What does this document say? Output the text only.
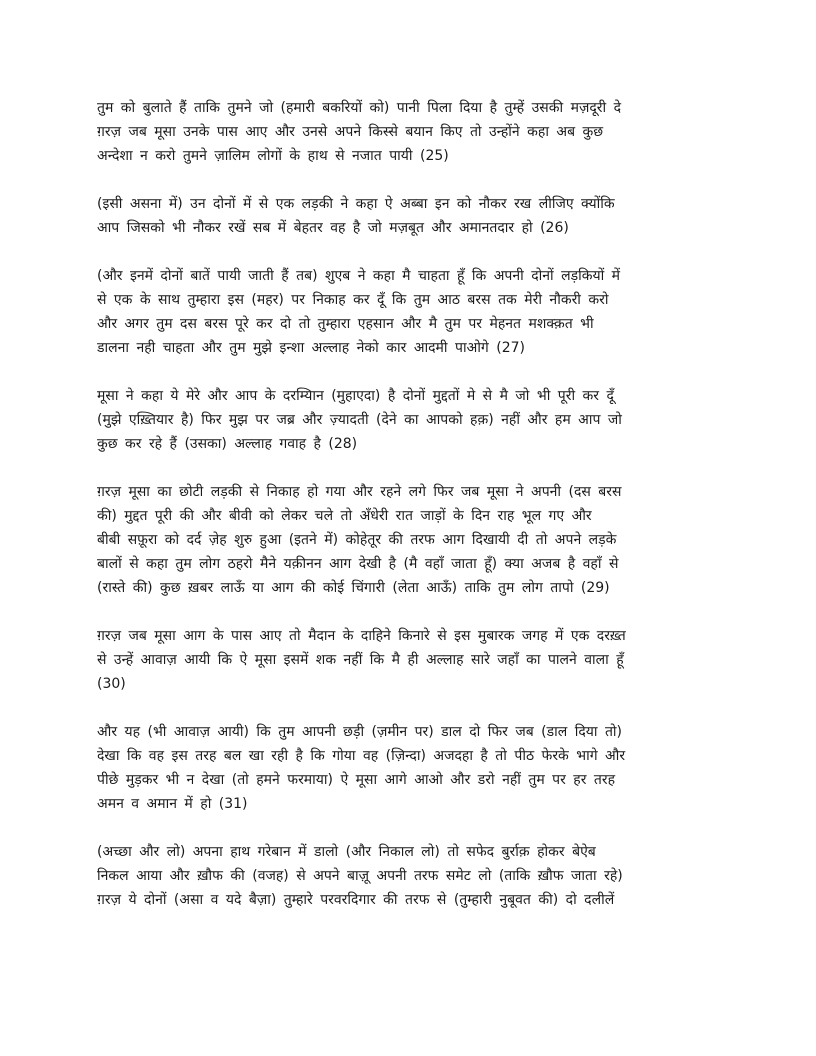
तुम को बुलाते हैं ताकि तुमने जो (हमारी बकरियों को) पानी पिला दिया है तुम्हें उसकी मज़दूरी दे
ग़रज़ जब मूसा उनके पास आए और उनसे अपने किस्से बयान किए तो उन्होंने कहा अब कुछ
अन्देशा न करो तुमने ज़ालिम लोगों के हाथ से नजात पायी (25)

(इसी असना में) उन दोनों में से एक लड़की ने कहा ऐ अब्बा इन को नौकर रख लीजिए क्योंकि
आप जिसको भी नौकर रखें सब में बेहतर वह है जो मज़बूत और अमानतदार हो (26)

(और इनमें दोनों बातें पायी जाती हैं तब) शुएब ने कहा मै चाहता हूँ कि अपनी दोनों लड़कियों में
से एक के साथ तुम्हारा इस (महर) पर निकाह कर दूँ कि तुम आठ बरस तक मेरी नौकरी करो
और अगर तुम दस बरस पूरे कर दो तो तुम्हारा एहसान और मै तुम पर मेहनत मशक्क़त भी
डालना नही चाहता और तुम मुझे इन्शा अल्लाह नेको कार आदमी पाओगे (27)

मूसा ने कहा ये मेरे और आप के दरम्यिान (मुहाएदा) है दोनों मुद्दतों मे से मै जो भी पूरी कर दूँ
(मुझे एख़्तियार है) फिर मुझ पर जब्र और ज़्यादती (देने का आपको हक़) नहीं और हम आप जो
कुछ कर रहे हैं (उसका) अल्लाह गवाह है (28)

ग़रज़ मूसा का छोटी लड़की से निकाह हो गया और रहने लगे फिर जब मूसा ने अपनी (दस बरस
की) मुद्दत पूरी की और बीवी को लेकर चले तो अँधेरी रात जाड़ों के दिन राह भूल गए और
बीबी सफ़ूरा को दर्द ज़ेह शुरु हुआ (इतने में) कोहेतूर की तरफ आग दिखायी दी तो अपने लड़के
बालों से कहा तुम लोग ठहरो मैने यक़ीनन आग देखी है (मै वहाँ जाता हूँ) क्या अजब है वहाँ से
(रास्ते की) कुछ ख़बर लाऊँ या आग की कोई चिंगारी (लेता आऊँ) ताकि तुम लोग तापो (29)

ग़रज़ जब मूसा आग के पास आए तो मैदान के दाहिने किनारे से इस मुबारक जगह में एक दरख़्त
से उन्हें आवाज़ आयी कि ऐ मूसा इसमें शक नहीं कि मै ही अल्लाह सारे जहाँ का पालने वाला हूँ
(30)

और यह (भी आवाज़ आयी) कि तुम आपनी छड़ी (ज़मीन पर) डाल दो फिर जब (डाल दिया तो)
देखा कि वह इस तरह बल खा रही है कि गोया वह (ज़िन्दा) अजदहा है तो पीठ फेरके भागे और
पीछे मुड़कर भी न देखा (तो हमने फरमाया) ऐ मूसा आगे आओ और डरो नहीं तुम पर हर तरह
अमन व अमान में हो (31)

(अच्छा और लो) अपना हाथ गरेबान में डालो (और निकाल लो) तो सफेद बुर्राक़ होकर बेऐब
निकल आया और ख़ौफ की (वजह) से अपने बाज़ू अपनी तरफ समेट लो (ताकि ख़ौफ जाता रहे)
ग़रज़ ये दोनों (असा व यदे बैज़ा) तुम्हारे परवरदिगार की तरफ से (तुम्हारी नुबूवत की) दो दलीलें
